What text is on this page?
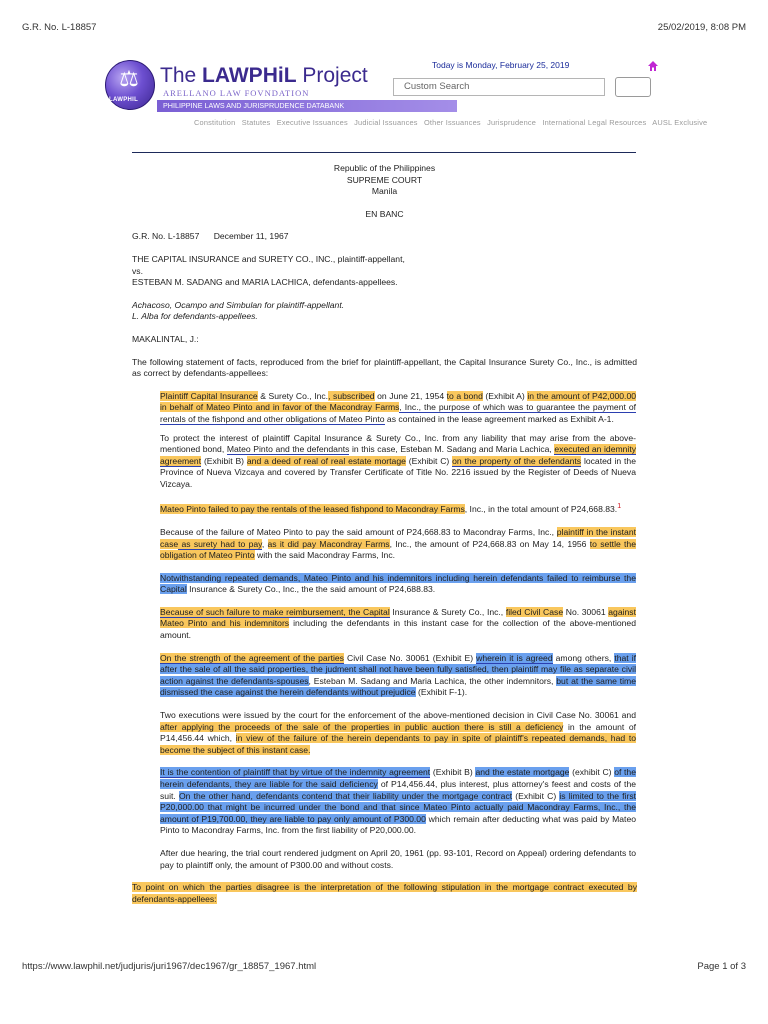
G.R. No. L-18857	25/02/2019, 8:08 PM
⚖
LAWPHIL
The LAWPHiL Project
ARELLANO LAW FOVNDATION
PHILIPPINE LAWS AND JURISPRUDENCE DATABANK
Today is Monday, February 25, 2019
Custom Search
Constitution Statutes Executive Issuances Judicial Issuances Other Issuances Jurisprudence International Legal Resources AUSL Exclusive

Republic of the Philippines

SUPREME COURT

Manila

EN BANC

G.R. No. L-18857 December 11, 1967

THE CAPITAL INSURANCE and SURETY CO., INC., plaintiff-appellant,

vs.

ESTEBAN M. SADANG and MARIA LACHICA, defendants-appellees.

Achacoso, Ocampo and Simbulan for plaintiff-appellant.

L. Alba for defendants-appellees.

MAKALINTAL, J.:

The following statement of facts, reproduced from the brief for plaintiff-appellant, the Capital Insurance Surety Co., Inc., is admitted as correct by defendants-appellees:

Plaintiff Capital Insurance & Surety Co., Inc., subscribed on June 21, 1954 to a bond (Exhibit A) in the amount of P42,000.00 in behalf of Mateo Pinto and in favor of the Macondray Farms, Inc., the purpose of which was to guarantee the payment of rentals of the fishpond and other obligations of Mateo Pinto as contained in the lease agreement marked as Exhibit A-1.

To protect the interest of plaintiff Capital Insurance & Surety Co., Inc. from any liability that may arise from the above-mentioned bond, Mateo Pinto and the defendants in this case, Esteban M. Sadang and Maria Lachica, executed an idemnity agreement (Exhibit B) and a deed of real of real estate mortage (Exhibit C) on the property of the defendants located in the Province of Nueva Vizcaya and covered by Transfer Certificate of Title No. 2216 issued by the Register of Deeds of Nueva Vizcaya.

Mateo Pinto failed to pay the rentals of the leased fishpond to Macondray Farms, Inc., in the total amount of P24,668.83.$^1$

Because of the failure of Mateo Pinto to pay the said amount of P24,668.83 to Macondray Farms, Inc., plaintiff in the instant case as surety had to pay, as it did pay Macondray Farms, Inc., the amount of P24,668.83 on May 14, 1956 to settle the obligation of Mateo Pinto with the said Macondray Farms, Inc.

Notwithstanding repeated demands, Mateo Pinto and his indemnitors including herein defendants failed to reimburse the Capital Insurance & Surety Co., Inc., the the said amount of P24,688.83.

Because of such failure to make reimbursement, the Capital Insurance & Surety Co., Inc., filed Civil Case No. 30061 against Mateo Pinto and his indemnitors including the defendants in this instant case for the collection of the above-mentioned amount.

On the strength of the agreement of the parties Civil Case No. 30061 (Exhibit E) wherein it is agreed among others, that if after the sale of all the said properties, the judment shall not have been fully satisfied, then plaintiff may file as separate civil action against the defendants-spouses, Esteban M. Sadang and Maria Lachica, the other indemnitors, but at the same time dismissed the case against the herein defendants without prejudice (Exhibit F-1).

Two executions were issued by the court for the enforcement of the above-mentioned decision in Civil Case No. 30061 and after applying the proceeds of the sale of the properties in public auction there is still a deficiency in the amount of P14,456.44 which, in view of the failure of the herein dependants to pay in spite of plaintiff's repeated demands, had to become the subject of this instant case.

It is the contention of plaintiff that by virtue of the indemnity agreement (Exhibit B) and the estate mortgage (exhibit C) of the herein defendants, they are liable for the said deficiency of P14,456.44, plus interest, plus attorney's feest and costs of the suit. On the other hand, defendants contend that their liability under the mortgage contract (Exhibit C) is limited to the first P20,000.00 that might be incurred under the bond and that since Mateo Pinto actually paid Macondray Farms, Inc., the amount of P19,700.00, they are liable to pay only amount of P300.00 which remain after deducting what was paid by Mateo Pinto to Macondray Farms, Inc. from the first liability of P20,000.00.

After due hearing, the trial court rendered judgment on April 20, 1961 (pp. 93-101, Record on Appeal) ordering defendants to pay to plaintiff only, the amount of P300.00 and without costs.

To point on which the parties disagree is the interpretation of the following stipulation in the mortgage contract executed by defendants-appellees:

https://www.lawphil.net/judjuris/juri1967/dec1967/gr_18857_1967.html	Page 1 of 3
